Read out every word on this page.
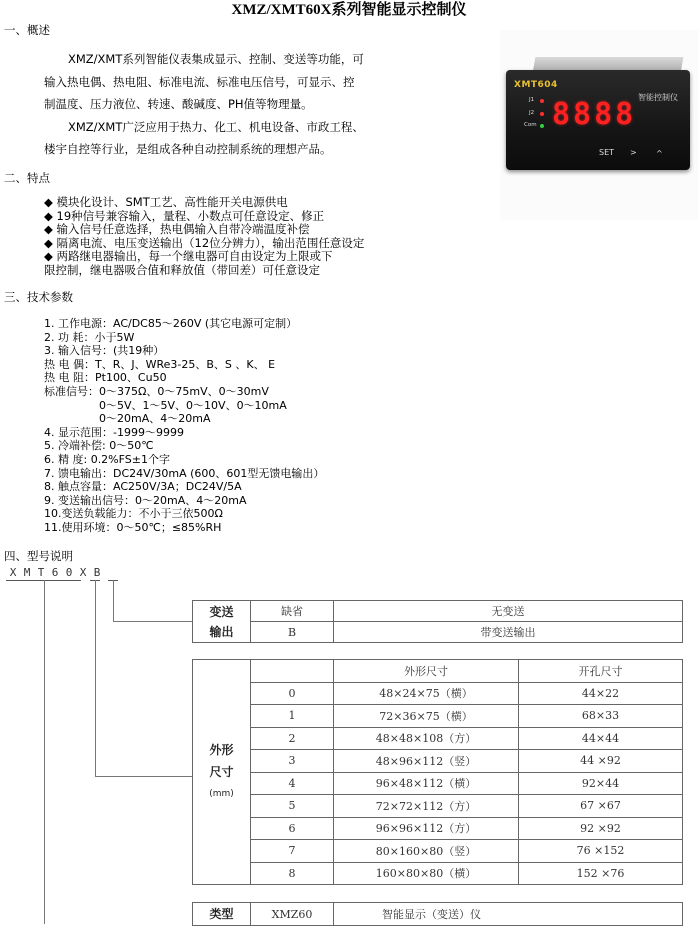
XMZ/XMT60X系列智能显示控制仪
一、概述

XMZ/XMT系列智能仪表集成显示、控制、变送等功能，可

输入热电偶、热电阻、标准电流、标准电压信号，可显示、控

制温度、压力液位、转速、酸碱度、PH值等物理量。

XMZ/XMT广泛应用于热力、化工、机电设备、市政工程、

楼宇自控等行业，是组成各种自动控制系统的理想产品。

XMT604
智能控制仪
J1
J2
Com 8888
SET > ^
二、特点
◆ 模块化设计、SMT工艺、高性能开关电源供电
◆ 19种信号兼容输入，量程、小数点可任意设定、修正
◆ 输入信号任意选择，热电偶输入自带冷端温度补偿
◆ 隔离电流、电压变送输出（12位分辨力），输出范围任意设定
◆ 两路继电器输出，每一个继电器可自由设定为上限或下
限控制，继电器吸合值和释放值（带回差）可任意设定
三、技术参数
1. 工作电源：AC/DC85～260V (其它电源可定制）
2. 功 耗：小于5W
3. 输入信号：(共19种）
热 电 偶：T、R、J、WRe3-25、B、S 、K、 E
热 电 阻：Pt100、Cu50
标准信号：0～375Ω、0～75mV、0～30mV
　　　　　0～5V、1～5V、0～10V、0～10mA
　　　　　0～20mA、4～20mA
4. 显示范围：-1999～9999
5. 冷端补偿: 0～50℃
6. 精 度: 0.2%FS±1个字
7. 馈电输出：DC24V/30mA (600、601型无馈电输出）
8. 触点容量：AC250V/3A；DC24V/5A
9. 变送输出信号：0～20mA、4～20mA
10.变送负载能力：不小于三依500Ω
11.使用环境：0～50℃；≤85%RH
四、型号说明
X M T 6 0 X B
变送
输出	缺省	无变送
	B	带变送输出
外形
尺寸
(mm)		外形尺寸	开孔尺寸
	0	48×24×75（横）	44×22
	1	72×36×75（横）	68×33
	2	48×48×108（方）	44×44
	3	48×96×112（竖）	44 ×92
	4	96×48×112（横）	92×44
	5	72×72×112（方）	67 ×67
	6	96×96×112（方）	92 ×92
	7	80×160×80（竖）	76 ×152
	8	160×80×80（横）	152 ×76
类型	XMZ60	智能显示（变送）仪
